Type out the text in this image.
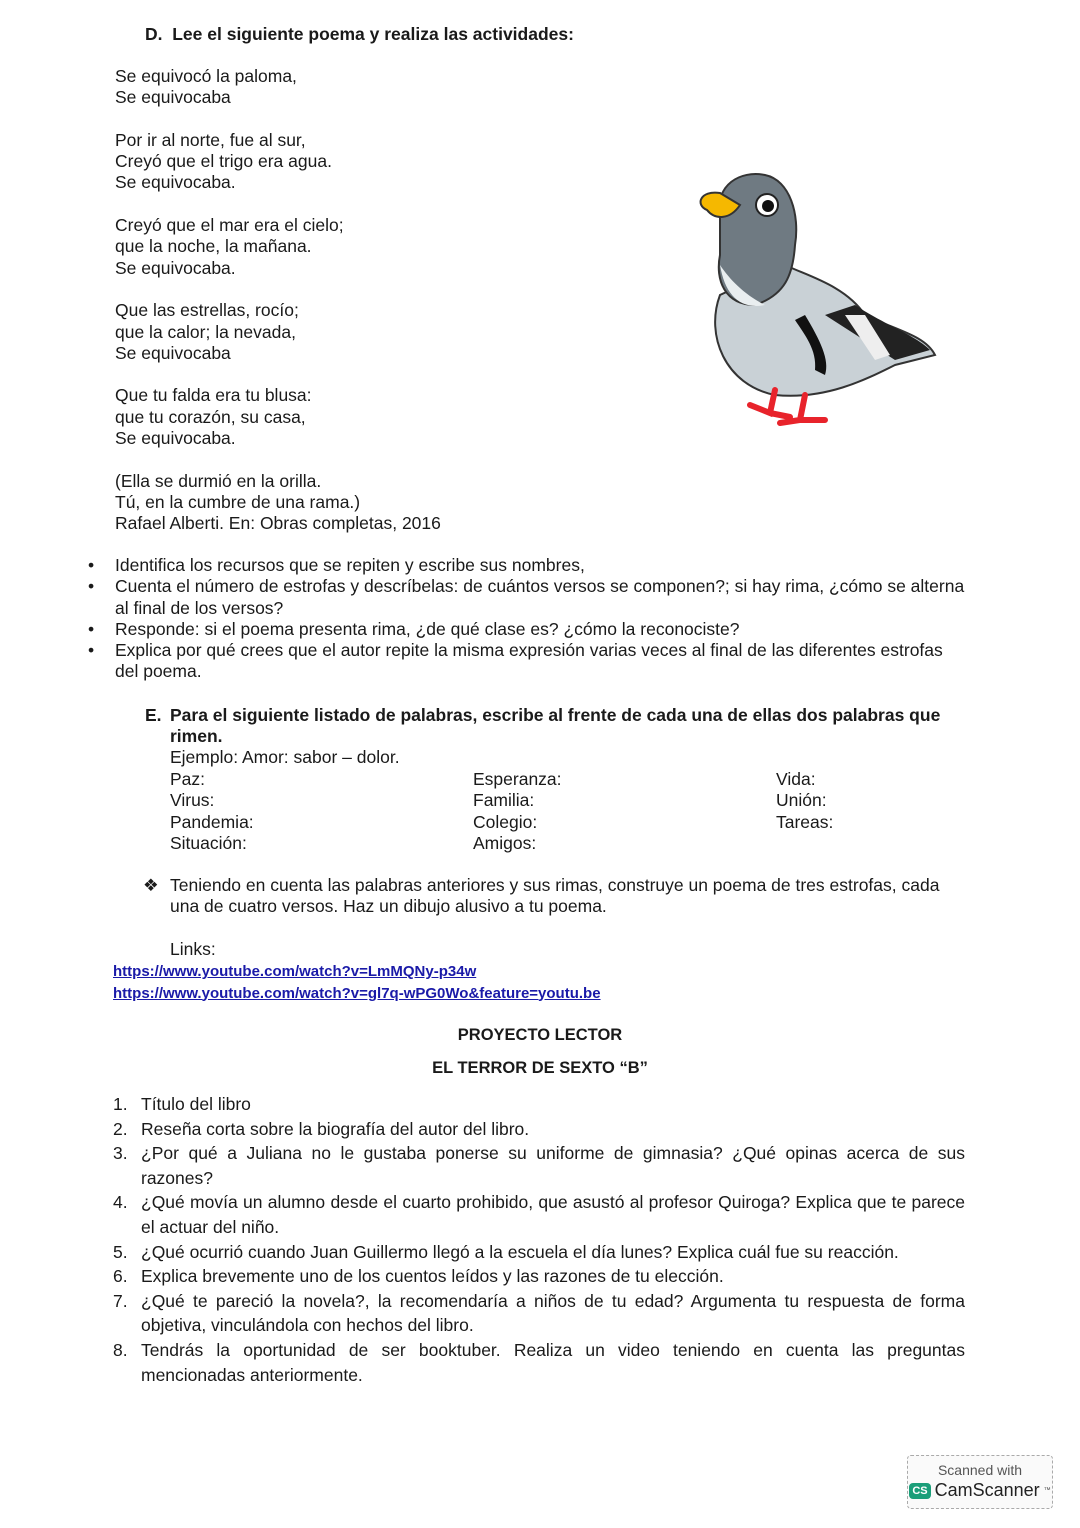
D. Lee el siguiente poema y realiza las actividades:
Se equivocó la paloma,
Se equivocaba
Por ir al norte, fue al sur,
Creyó que el trigo era agua.
Se equivocaba.
Creyó que el mar era el cielo;
que la noche, la mañana.
Se equivocaba.
Que las estrellas, rocío;
que la calor; la nevada,
Se equivocaba
Que tu falda era tu blusa:
que tu corazón, su casa,
Se equivocaba.
(Ella se durmió en la orilla.
Tú, en la cumbre de una rama.)
Rafael Alberti. En: Obras completas, 2016
• Identifica los recursos que se repiten y escribe sus nombres,
• Cuenta el número de estrofas y descríbelas: de cuántos versos se componen?; si hay rima, ¿cómo se alterna al final de los versos?
• Responde: si el poema presenta rima, ¿de qué clase es? ¿cómo la reconociste?
• Explica por qué crees que el autor repite la misma expresión varias veces al final de las diferentes estrofas del poema.
E. Para el siguiente listado de palabras, escribe al frente de cada una de ellas dos palabras que rimen.
Ejemplo: Amor: sabor – dolor.
Paz:	Esperanza:	Vida:
Virus:	Familia:	Unión:
Pandemia:	Colegio:	Tareas:
Situación:	Amigos:
❖ Teniendo en cuenta las palabras anteriores y sus rimas, construye un poema de tres estrofas, cada una de cuatro versos. Haz un dibujo alusivo a tu poema.
Links:
https://www.youtube.com/watch?v=LmMQNy-p34w
https://www.youtube.com/watch?v=gl7q-wPG0Wo&feature=youtu.be
PROYECTO LECTOR
EL TERROR DE SEXTO “B”
1. Título del libro
2. Reseña corta sobre la biografía del autor del libro.
3. ¿Por qué a Juliana no le gustaba ponerse su uniforme de gimnasia? ¿Qué opinas acerca de sus razones?
4. ¿Qué movía un alumno desde el cuarto prohibido, que asustó al profesor Quiroga? Explica que te parece el actuar del niño.
5. ¿Qué ocurrió cuando Juan Guillermo llegó a la escuela el día lunes? Explica cuál fue su reacción.
6. Explica brevemente uno de los cuentos leídos y las razones de tu elección.
7. ¿Qué te pareció la novela?, la recomendaría a niños de tu edad? Argumenta tu respuesta de forma objetiva, vinculándola con hechos del libro.
8. Tendrás la oportunidad de ser booktuber. Realiza un video teniendo en cuenta las preguntas mencionadas anteriormente.
Scanned with
CS CamScanner ™
